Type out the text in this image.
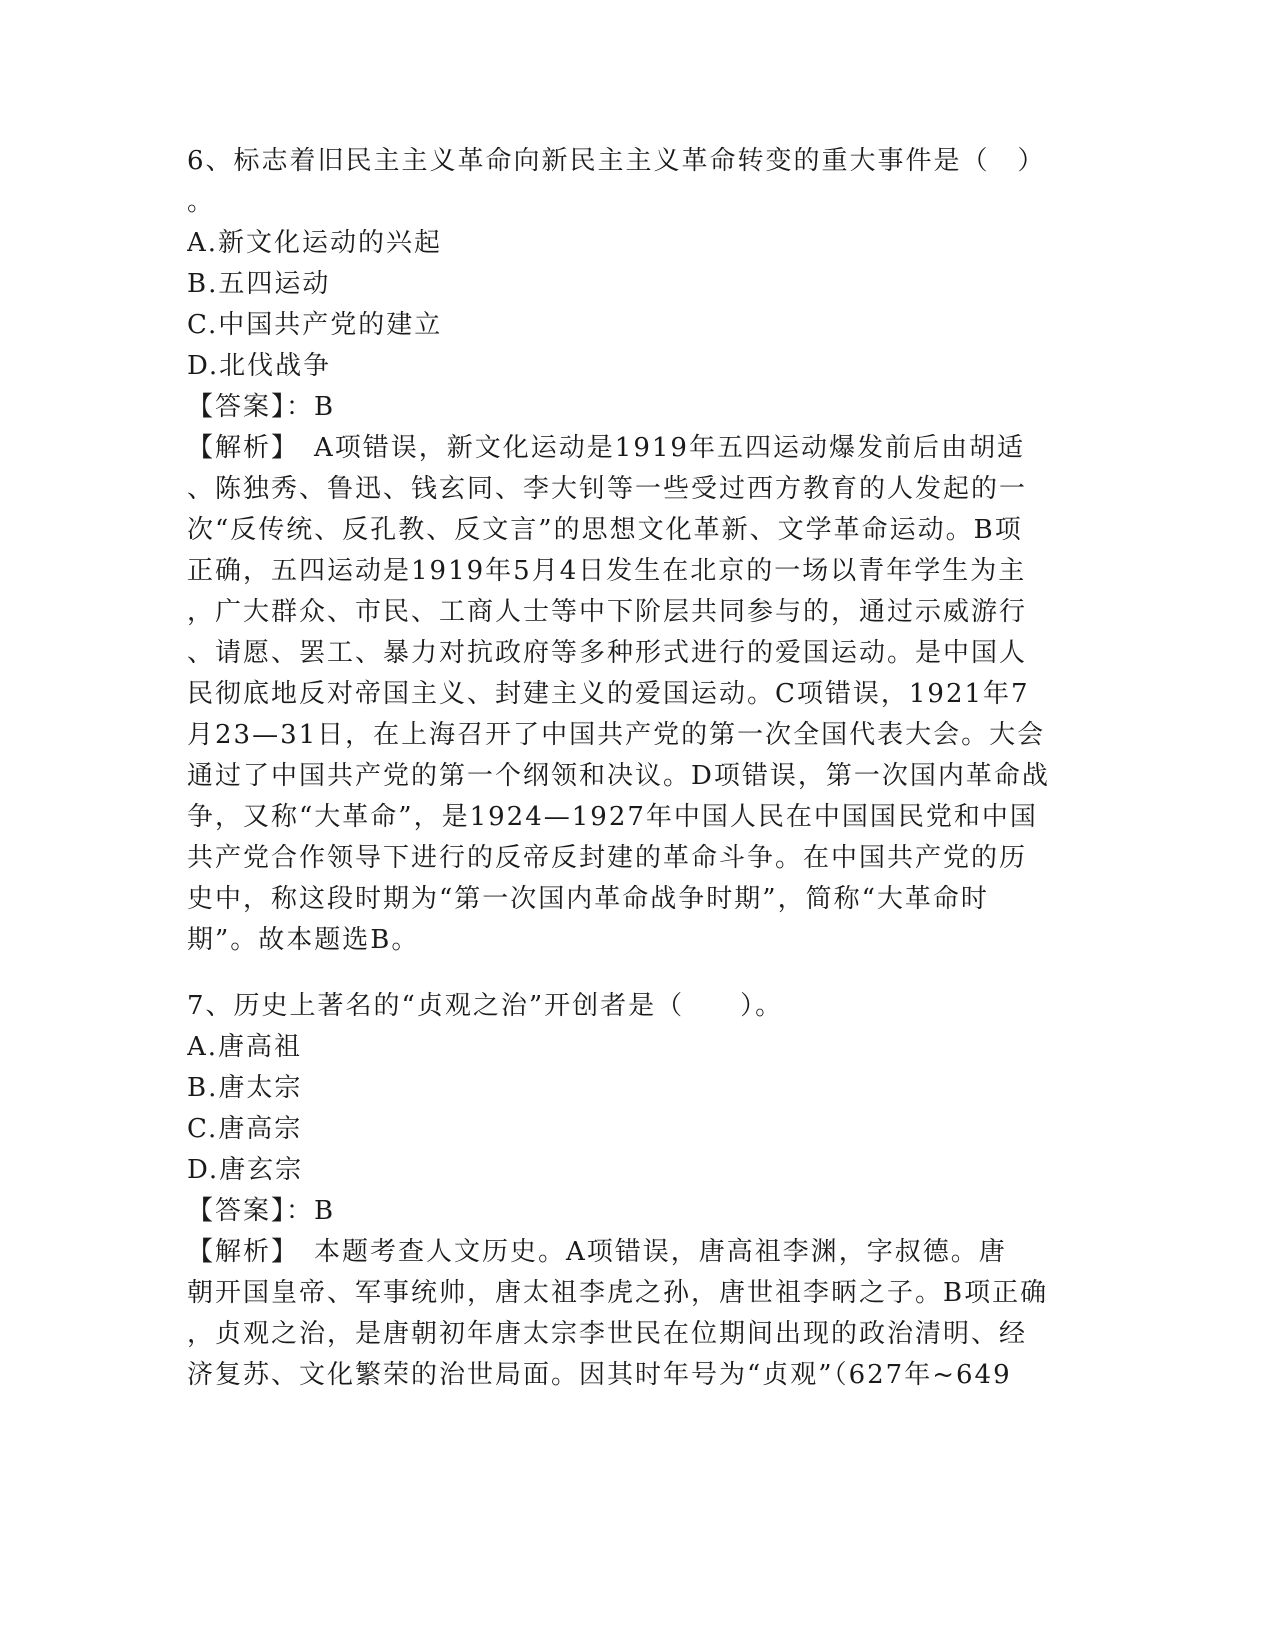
6、标志着旧民主主义革命向新民主主义革命转变的重大事件是（　）
。
A.新文化运动的兴起
B.五四运动
C.中国共产党的建立
D.北伐战争
【答案】：B
【解析】　A项错误，新文化运动是1919年五四运动爆发前后由胡适
、陈独秀、鲁迅、钱玄同、李大钊等一些受过西方教育的人发起的一
次“反传统、反孔教、反文言”的思想文化革新、文学革命运动。B项
正确，五四运动是1919年5月4日发生在北京的一场以青年学生为主
，广大群众、市民、工商人士等中下阶层共同参与的，通过示威游行
、请愿、罢工、暴力对抗政府等多种形式进行的爱国运动。是中国人
民彻底地反对帝国主义、封建主义的爱国运动。C项错误，1921年7
月23—31日，在上海召开了中国共产党的第一次全国代表大会。大会
通过了中国共产党的第一个纲领和决议。D项错误，第一次国内革命战
争，又称“大革命”，是1924—1927年中国人民在中国国民党和中国
共产党合作领导下进行的反帝反封建的革命斗争。在中国共产党的历
史中，称这段时期为“第一次国内革命战争时期”，简称“大革命时
期”。故本题选B。
7、历史上著名的“贞观之治”开创者是（　　）。
A.唐高祖
B.唐太宗
C.唐高宗
D.唐玄宗
【答案】：B
【解析】　本题考查人文历史。A项错误，唐高祖李渊，字叔德。唐
朝开国皇帝、军事统帅，唐太祖李虎之孙，唐世祖李昞之子。B项正确
，贞观之治，是唐朝初年唐太宗李世民在位期间出现的政治清明、经
济复苏、文化繁荣的治世局面。因其时年号为“贞观”（627年~649
